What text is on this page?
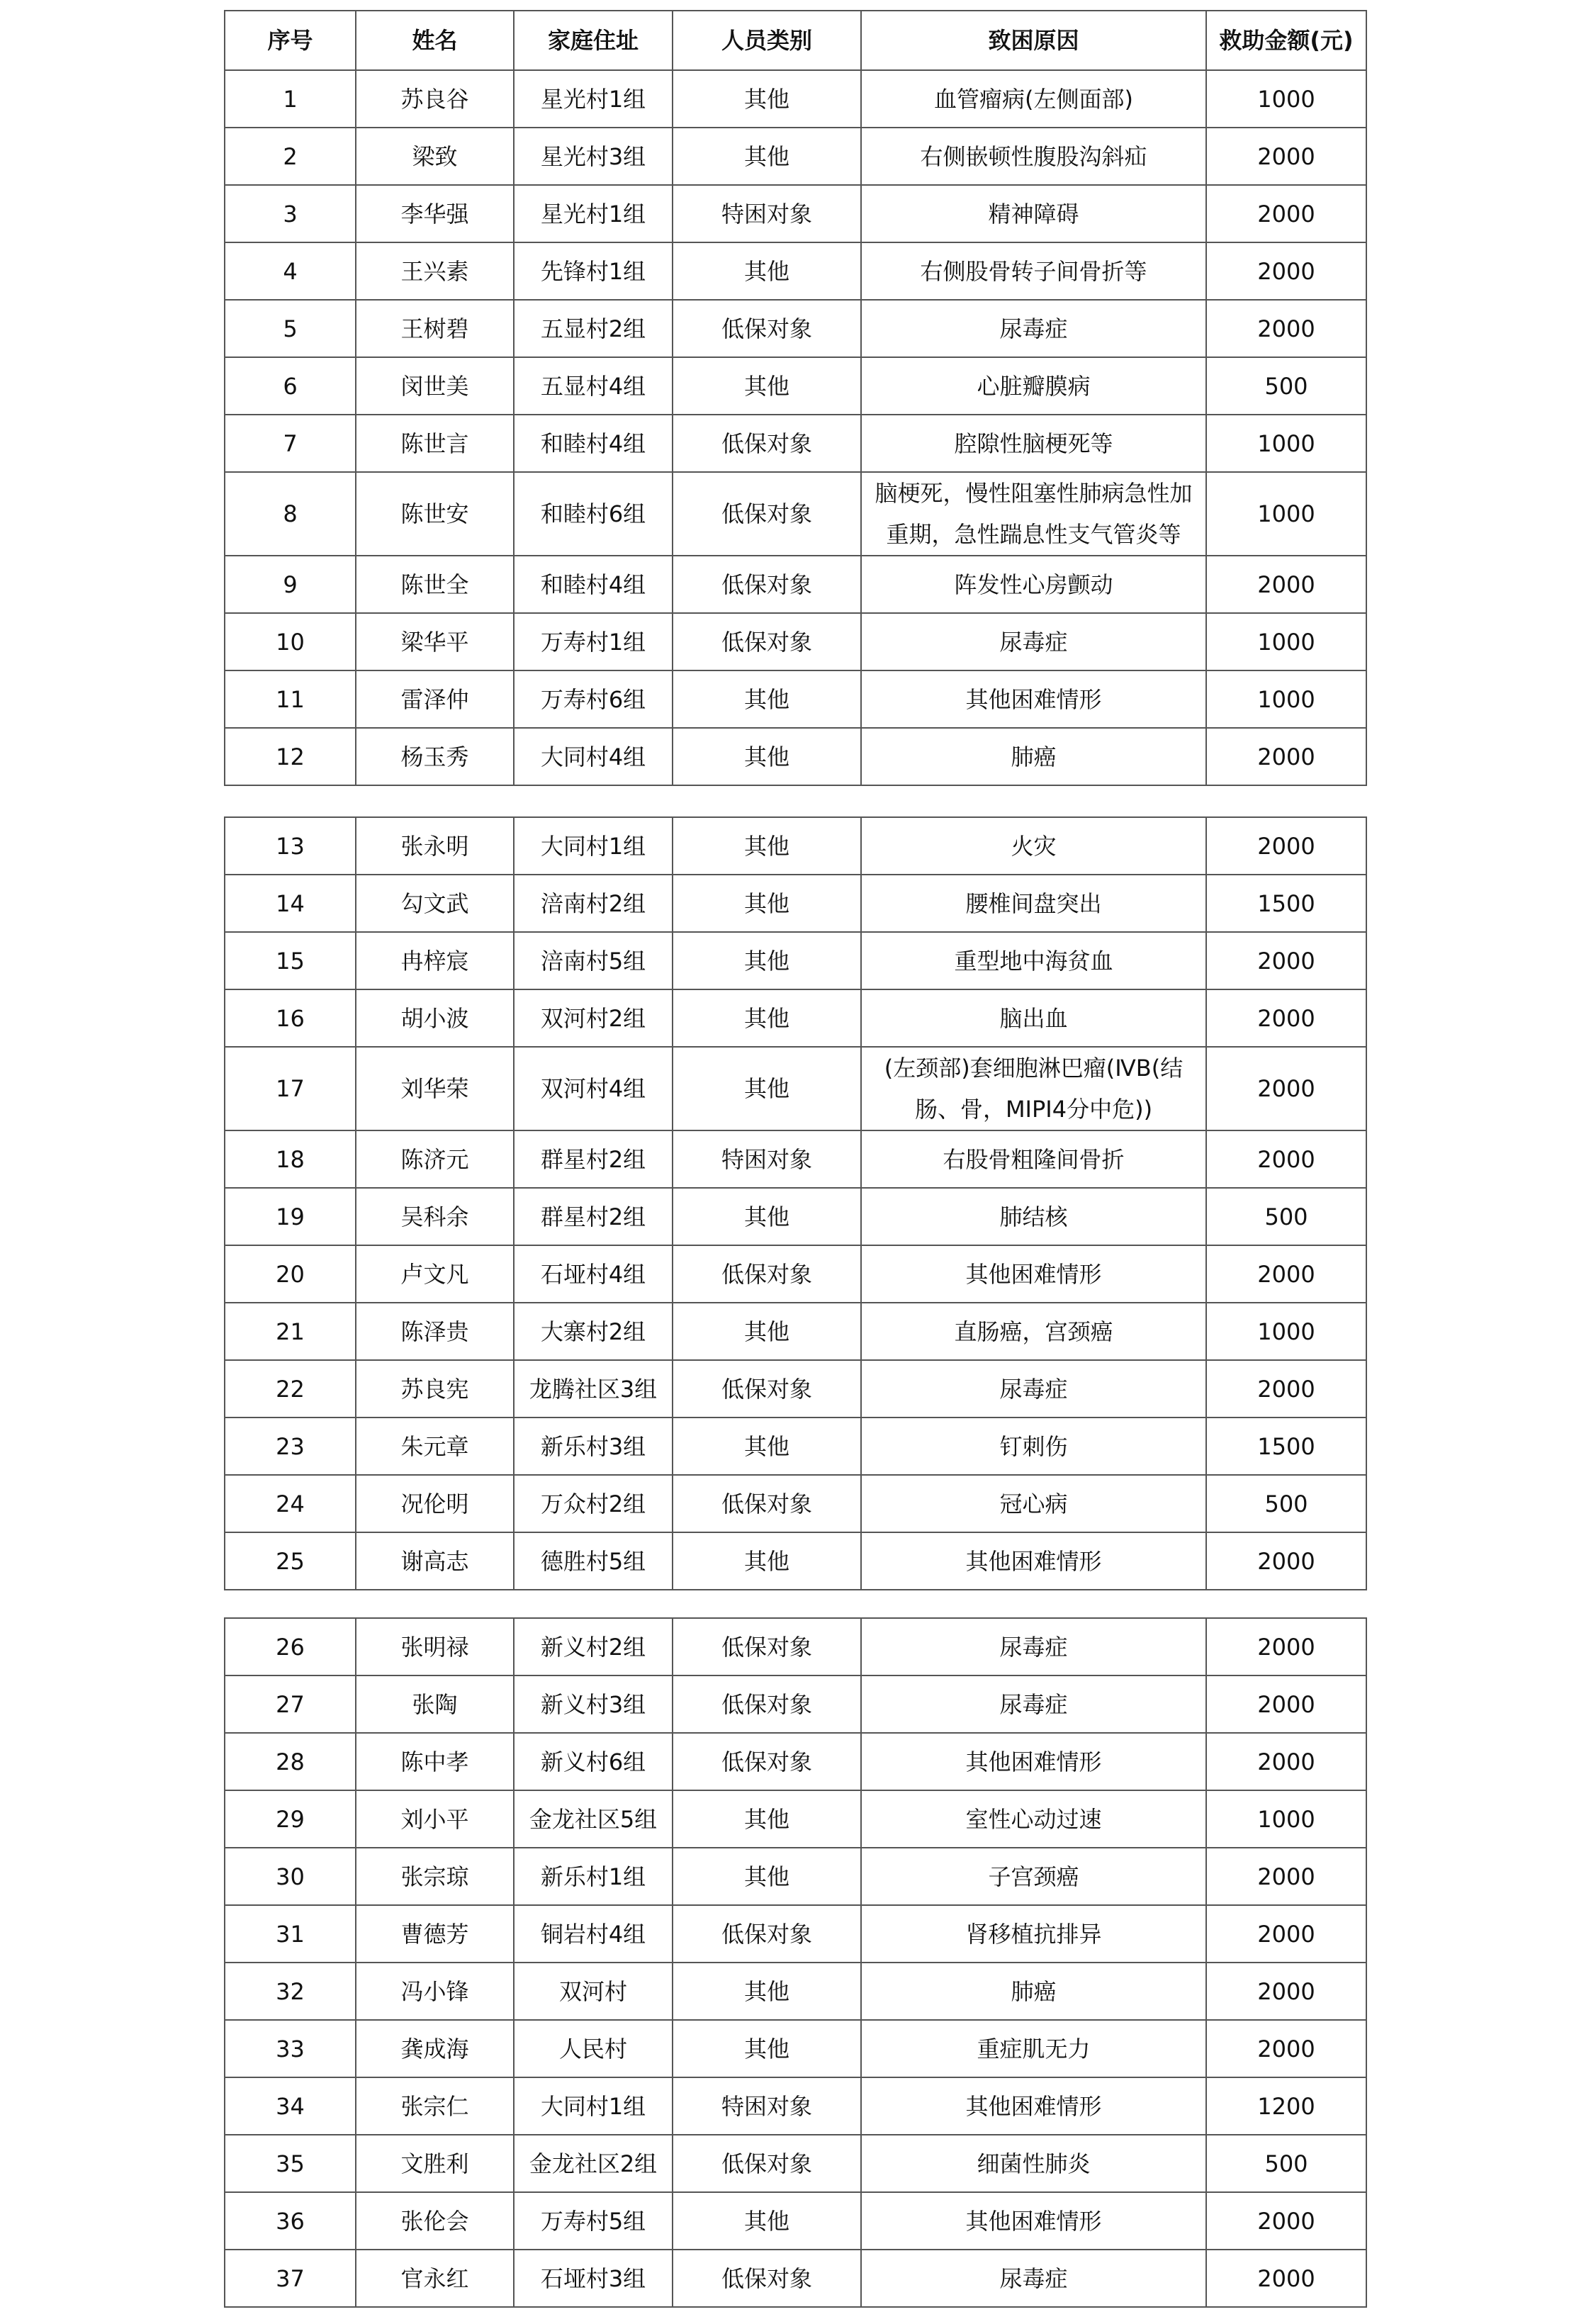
序号	姓名	家庭住址	人员类别	致困原因	救助金额(元)
1	苏良谷	星光村1组	其他	血管瘤病(左侧面部)	1000
2	梁致	星光村3组	其他	右侧嵌顿性腹股沟斜疝	2000
3	李华强	星光村1组	特困对象	精神障碍	2000
4	王兴素	先锋村1组	其他	右侧股骨转子间骨折等	2000
5	王树碧	五显村2组	低保对象	尿毒症	2000
6	闵世美	五显村4组	其他	心脏瓣膜病	500
7	陈世言	和睦村4组	低保对象	腔隙性脑梗死等	1000
8	陈世安	和睦村6组	低保对象	脑梗死，慢性阻塞性肺病急性加重期，急性踹息性支气管炎等	1000
9	陈世全	和睦村4组	低保对象	阵发性心房颤动	2000
10	梁华平	万寿村1组	低保对象	尿毒症	1000
11	雷泽仲	万寿村6组	其他	其他困难情形	1000
12	杨玉秀	大同村4组	其他	肺癌	2000
13	张永明	大同村1组	其他	火灾	2000
14	勾文武	涪南村2组	其他	腰椎间盘突出	1500
15	冉梓宸	涪南村5组	其他	重型地中海贫血	2000
16	胡小波	双河村2组	其他	脑出血	2000
17	刘华荣	双河村4组	其他	(左颈部)套细胞淋巴瘤(ⅣB(结肠、骨，MIPI4分中危))	2000
18	陈济元	群星村2组	特困对象	右股骨粗隆间骨折	2000
19	吴科余	群星村2组	其他	肺结核	500
20	卢文凡	石垭村4组	低保对象	其他困难情形	2000
21	陈泽贵	大寨村2组	其他	直肠癌，宫颈癌	1000
22	苏良宪	龙腾社区3组	低保对象	尿毒症	2000
23	朱元章	新乐村3组	其他	钉刺伤	1500
24	况伦明	万众村2组	低保对象	冠心病	500
25	谢高志	德胜村5组	其他	其他困难情形	2000
26	张明禄	新义村2组	低保对象	尿毒症	2000
27	张陶	新义村3组	低保对象	尿毒症	2000
28	陈中孝	新义村6组	低保对象	其他困难情形	2000
29	刘小平	金龙社区5组	其他	室性心动过速	1000
30	张宗琼	新乐村1组	其他	子宫颈癌	2000
31	曹德芳	铜岩村4组	低保对象	肾移植抗排异	2000
32	冯小锋	双河村	其他	肺癌	2000
33	龚成海	人民村	其他	重症肌无力	2000
34	张宗仁	大同村1组	特困对象	其他困难情形	1200
35	文胜利	金龙社区2组	低保对象	细菌性肺炎	500
36	张伦会	万寿村5组	其他	其他困难情形	2000
37	官永红	石垭村3组	低保对象	尿毒症	2000
